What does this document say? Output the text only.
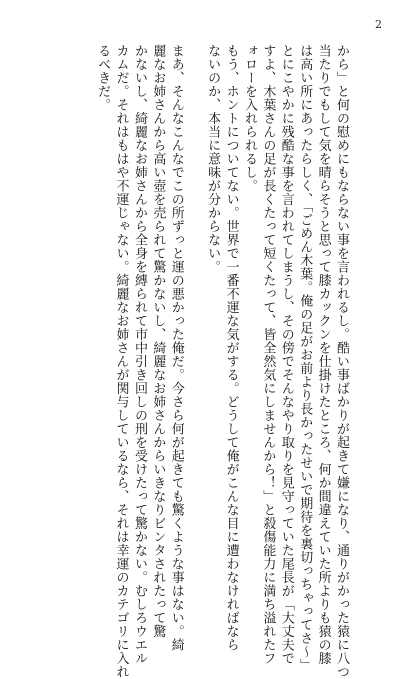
2
から」と何の慰めにもならない事を言われるし。酷い事ばかりが起きて嫌になり、通りがかった猿に八つ
当たりでもして気を晴らそうと思って膝カックンを仕掛けたところ、何か間違えていた所よりも猿の膝
は高い所にあったらしく、「ごめん木葉。俺の足がお前より長かったせいで期待を裏切っちゃってさ～」
とにこやかに残酷な事を言われてしまうし、その傍でそんなやり取りを見守っていた尾長が「大丈夫で
すよ、木葉さんの足が長くたって短くたって、皆全然気にしませんから！」と殺傷能力に満ち溢れたフ
ォローを入れられるし。
もう、ホントについてない。世界で一番不運な気がする。どうして俺がこんな目に遭わなければなら
ないのか、本当に意味が分からない。
まあ、そんなこんなでこの所ずっと運の悪かった俺だ。今さら何が起きても驚くような事はない。綺
麗なお姉さんから高い壺を売られて驚かないし、綺麗なお姉さんからいきなりビンタされたって驚
かないし、綺麗なお姉さんから全身を縛られて市中引き回しの刑を受けたって驚かない。むしろウエル
カムだ。それはもはや不運じゃない。綺麗なお姉さんが関与しているなら、それは幸運のカテゴリに入れ
るべきだ。
